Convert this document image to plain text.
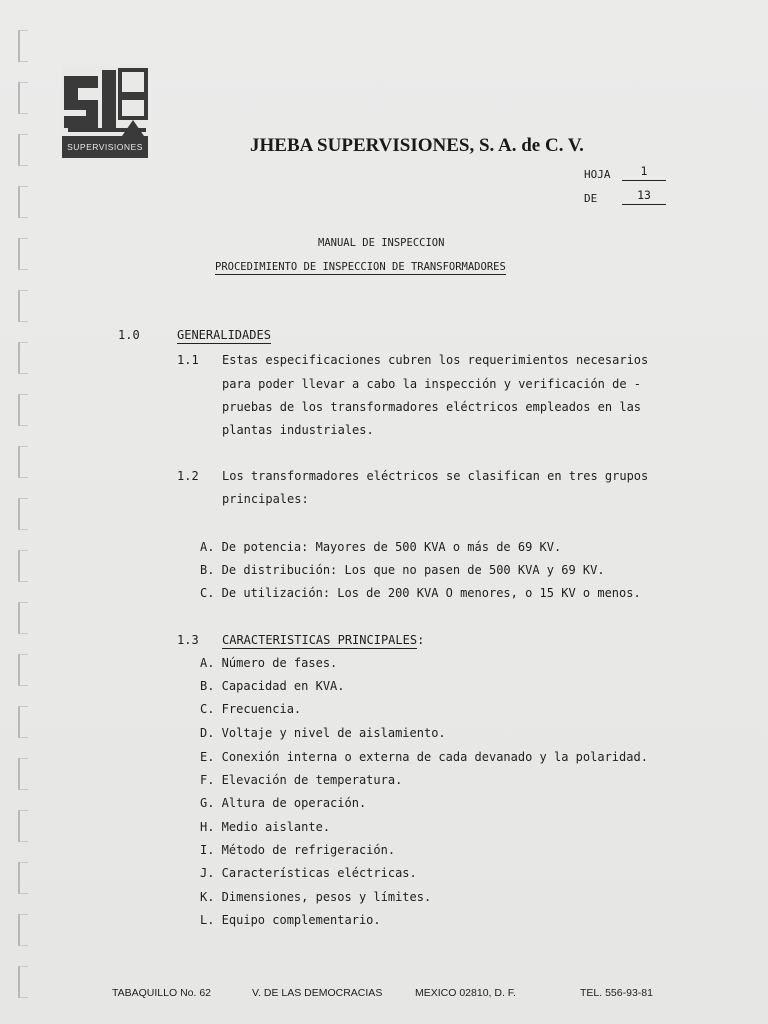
SUPERVISIONES	JHEBA SUPERVISIONES, S. A. de C. V.
HOJA	1
DE	13
MANUAL DE INSPECCION
PROCEDIMIENTO DE INSPECCION DE TRANSFORMADORES
1.0	GENERALIDADES
1.1 Estas especificaciones cubren los requerimientos necesarios
para poder llevar a cabo la inspección y verificación de -
pruebas de los transformadores eléctricos empleados en las
plantas industriales.
1.2 Los transformadores eléctricos se clasifican en tres grupos
principales:
A. De potencia: Mayores de 500 KVA o más de 69 KV.
B. De distribución: Los que no pasen de 500 KVA y 69 KV.
C. De utilización: Los de 200 KVA O menores, o 15 KV o menos.
1.3 CARACTERISTICAS PRINCIPALES:
A. Número de fases.
B. Capacidad en KVA.
C. Frecuencia.
D. Voltaje y nivel de aislamiento.
E. Conexión interna o externa de cada devanado y la polaridad.
F. Elevación de temperatura.
G. Altura de operación.
H. Medio aislante.
I. Método de refrigeración.
J. Características eléctricas.
K. Dimensiones, pesos y límites.
L. Equipo complementario.
TABAQUILLO No. 62	V. DE LAS DEMOCRACIAS	MEXICO 02810, D. F.	TEL. 556-93-81
